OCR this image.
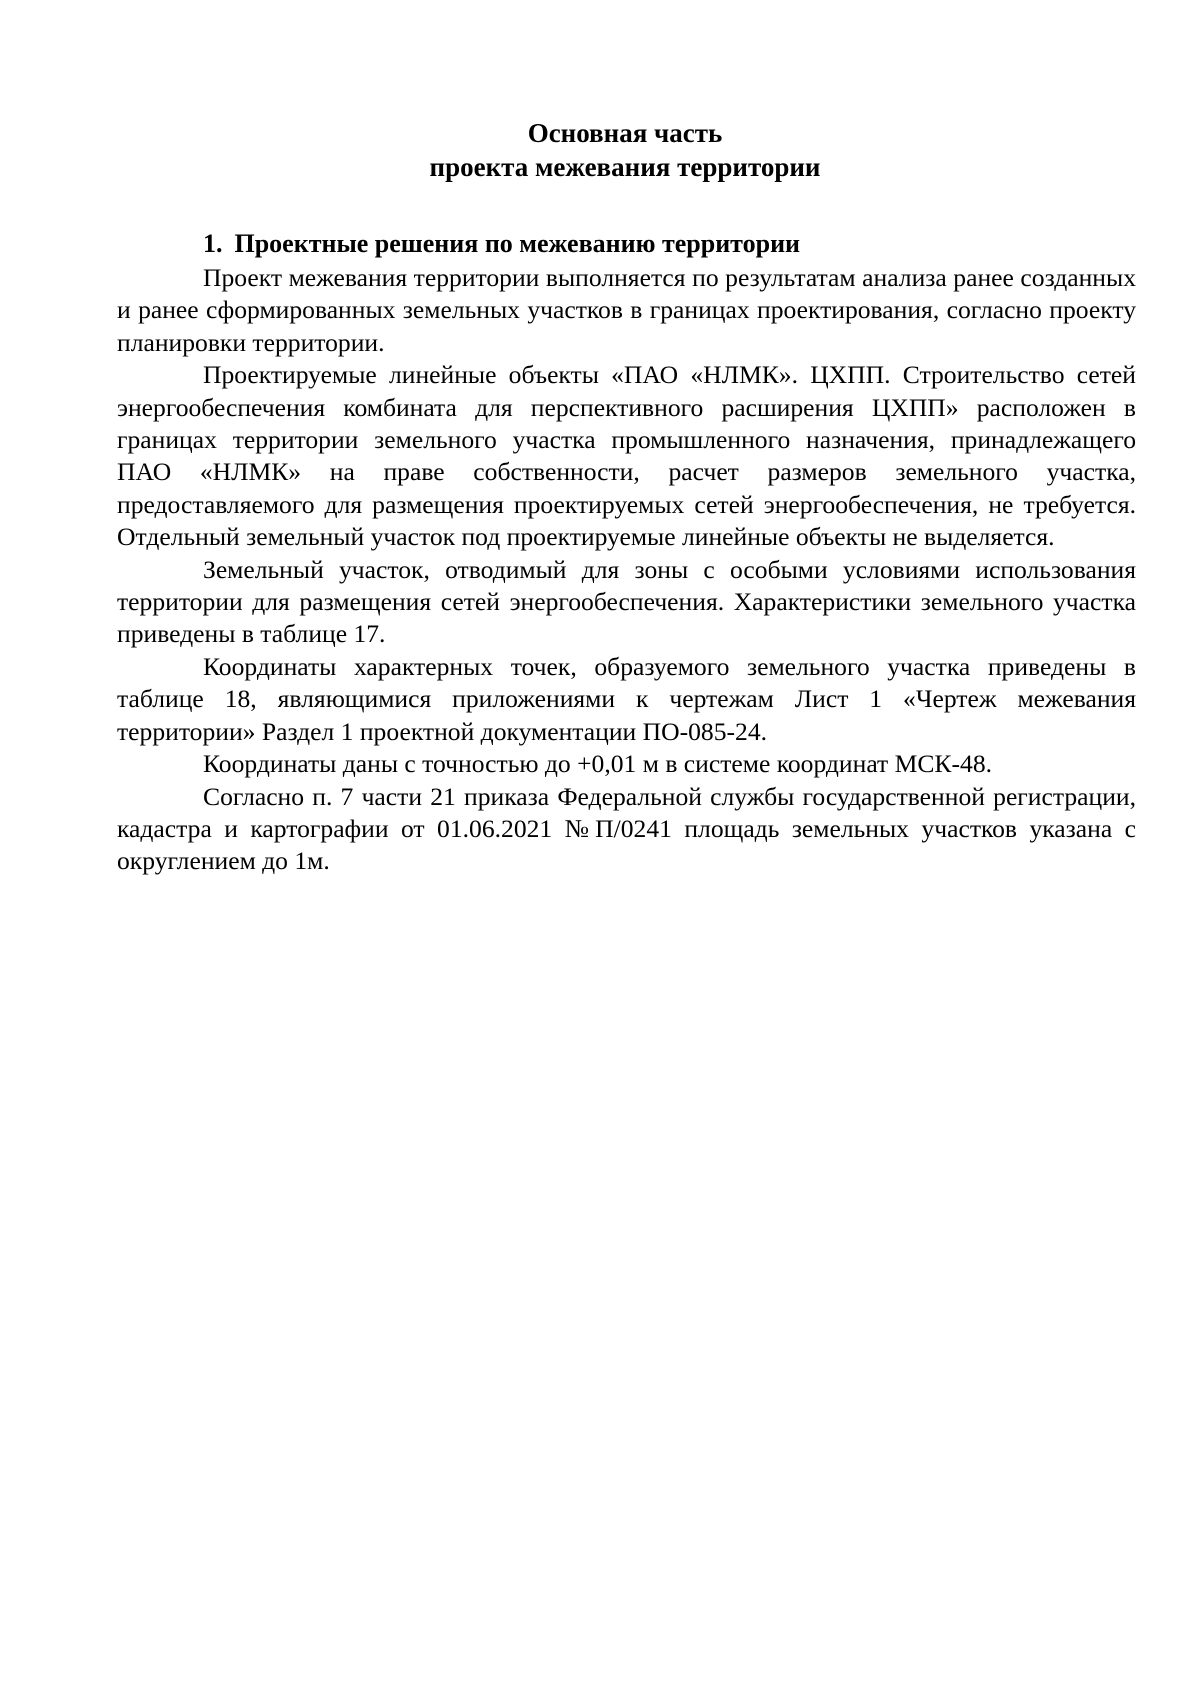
Основная часть
проекта межевания территории
1. Проектные решения по межеванию территории

Проект межевания территории выполняется по результатам анализа ранее созданных и ранее сформированных земельных участков в границах проектирования, согласно проекту планировки территории.

Проектируемые линейные объекты «ПАО «НЛМК». ЦХПП. Строительство сетей энергообеспечения комбината для перспективного расширения ЦХПП» расположен в границах территории земельного участка промышленного назначения, принадлежащего ПАО «НЛМК» на праве собственности, расчет размеров земельного участка, предоставляемого для размещения проектируемых сетей энергообеспечения, не требуется. Отдельный земельный участок под проектируемые линейные объекты не выделяется.

Земельный участок, отводимый для зоны с особыми условиями использования территории для размещения сетей энергообеспечения. Характеристики земельного участка приведены в таблице 17.

Координаты характерных точек, образуемого земельного участка приведены в таблице 18, являющимися приложениями к чертежам Лист 1 «Чертеж межевания территории» Раздел 1 проектной документации ПО-085-24.

Координаты даны с точностью до +0,01 м в системе координат МСК-48.

Согласно п. 7 части 21 приказа Федеральной службы государственной регистрации, кадастра и картографии от 01.06.2021 №П/0241 площадь земельных участков указана с округлением до 1м.
